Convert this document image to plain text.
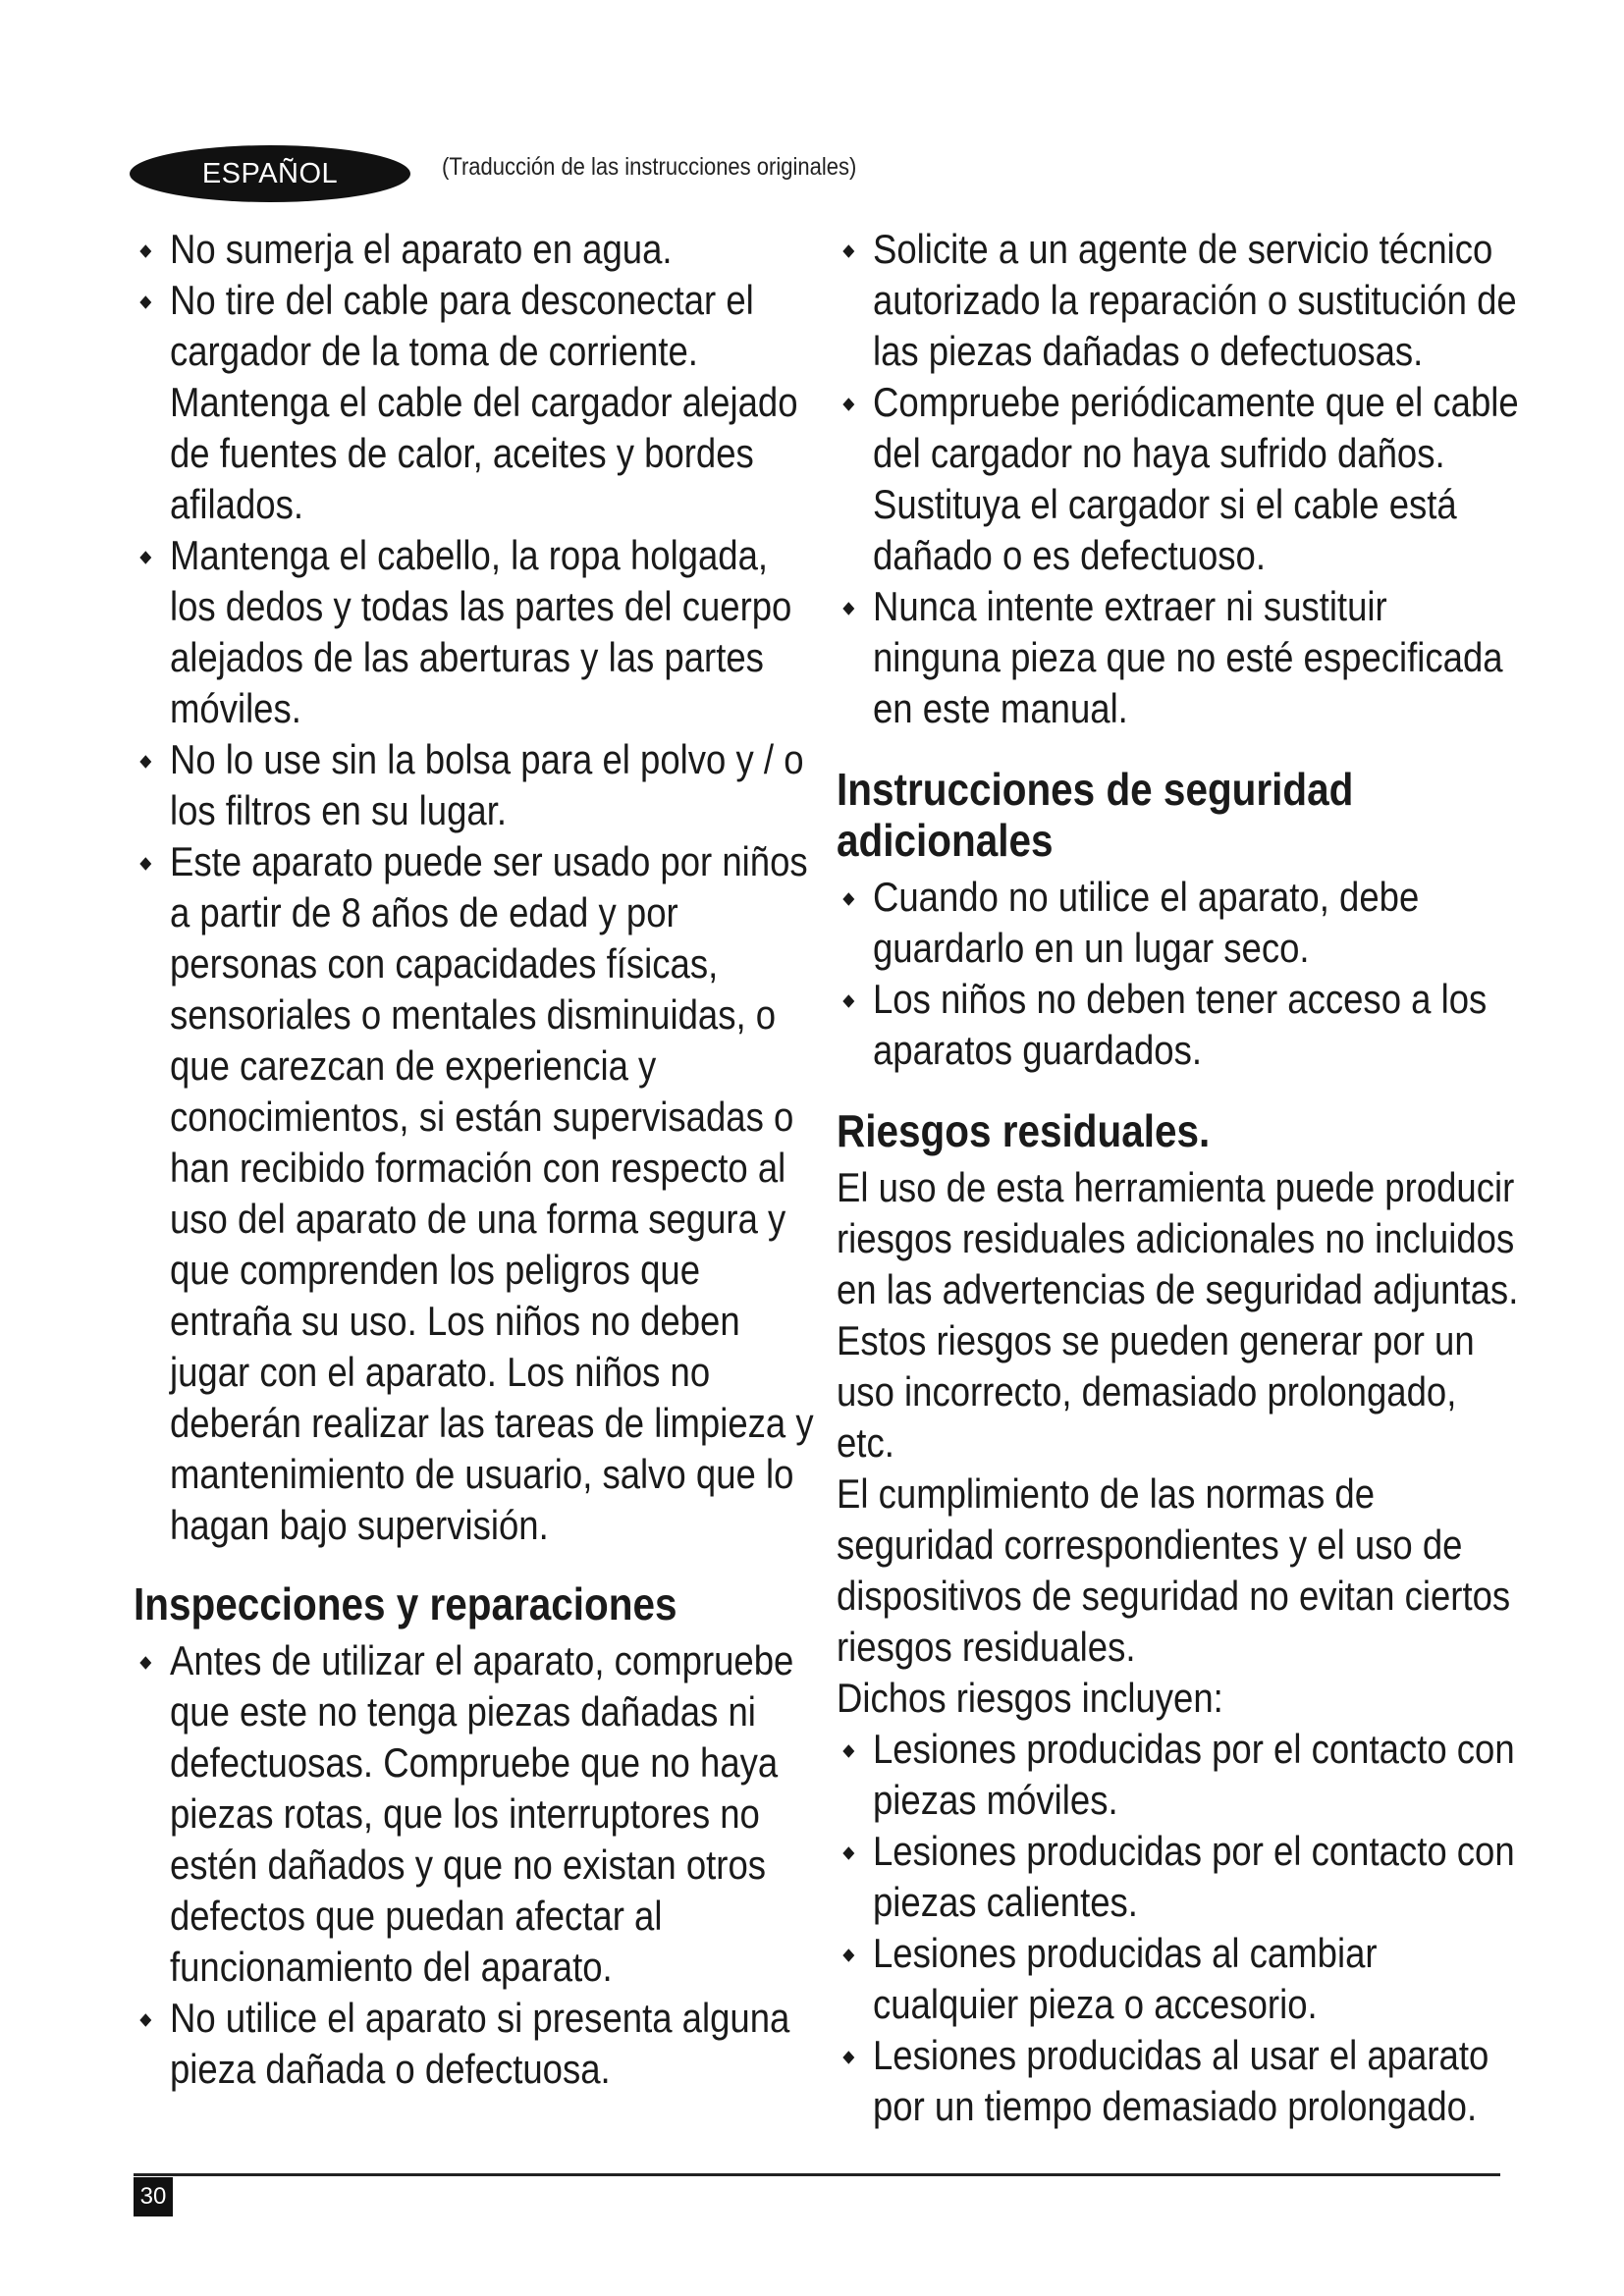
ESPAÑOL	(Traducción de las instrucciones originales)
No sumerja el aparato en agua.
No tire del cable para desconectar el cargador de la toma de corriente. Mantenga el cable del cargador alejado de fuentes de calor, aceites y bordes afilados.
Mantenga el cabello, la ropa holgada, los dedos y todas las partes del cuerpo alejados de las aberturas y las partes móviles.
No lo use sin la bolsa para el polvo y / o los filtros en su lugar.
Este aparato puede ser usado por niños a partir de 8 años de edad y por personas con capacidades físicas, sensoriales o mentales disminuidas, o que carezcan de experiencia y conocimientos, si están supervisadas o han recibido formación con respecto al uso del aparato de una forma segura y que comprenden los peligros que entraña su uso. Los niños no deben jugar con el aparato. Los niños no deberán realizar las tareas de limpieza y mantenimiento de usuario, salvo que lo hagan bajo supervisión.
Inspecciones y reparaciones
Antes de utilizar el aparato, compruebe que este no tenga piezas dañadas ni defectuosas. Compruebe que no haya piezas rotas, que los interruptores no estén dañados y que no existan otros defectos que puedan afectar al funcionamiento del aparato.
No utilice el aparato si presenta alguna pieza dañada o defectuosa.
Solicite a un agente de servicio técnico autorizado la reparación o sustitución de las piezas dañadas o defectuosas.
Compruebe periódicamente que el cable del cargador no haya sufrido daños. Sustituya el cargador si el cable está dañado o es defectuoso.
Nunca intente extraer ni sustituir ninguna pieza que no esté especificada en este manual.
Instrucciones de seguridad adicionales
Cuando no utilice el aparato, debe guardarlo en un lugar seco.
Los niños no deben tener acceso a los aparatos guardados.
Riesgos residuales.

El uso de esta herramienta puede producir riesgos residuales adicionales no incluidos en las advertencias de seguridad adjuntas. Estos riesgos se pueden generar por un uso incorrecto, demasiado prolongado, etc.

El cumplimiento de las normas de seguridad correspondientes y el uso de dispositivos de seguridad no evitan ciertos riesgos residuales.

Dichos riesgos incluyen:

Lesiones producidas por el contacto con piezas móviles.
Lesiones producidas por el contacto con piezas calientes.
Lesiones producidas al cambiar cualquier pieza o accesorio.
Lesiones producidas al usar el aparato por un tiempo demasiado prolongado.
30
